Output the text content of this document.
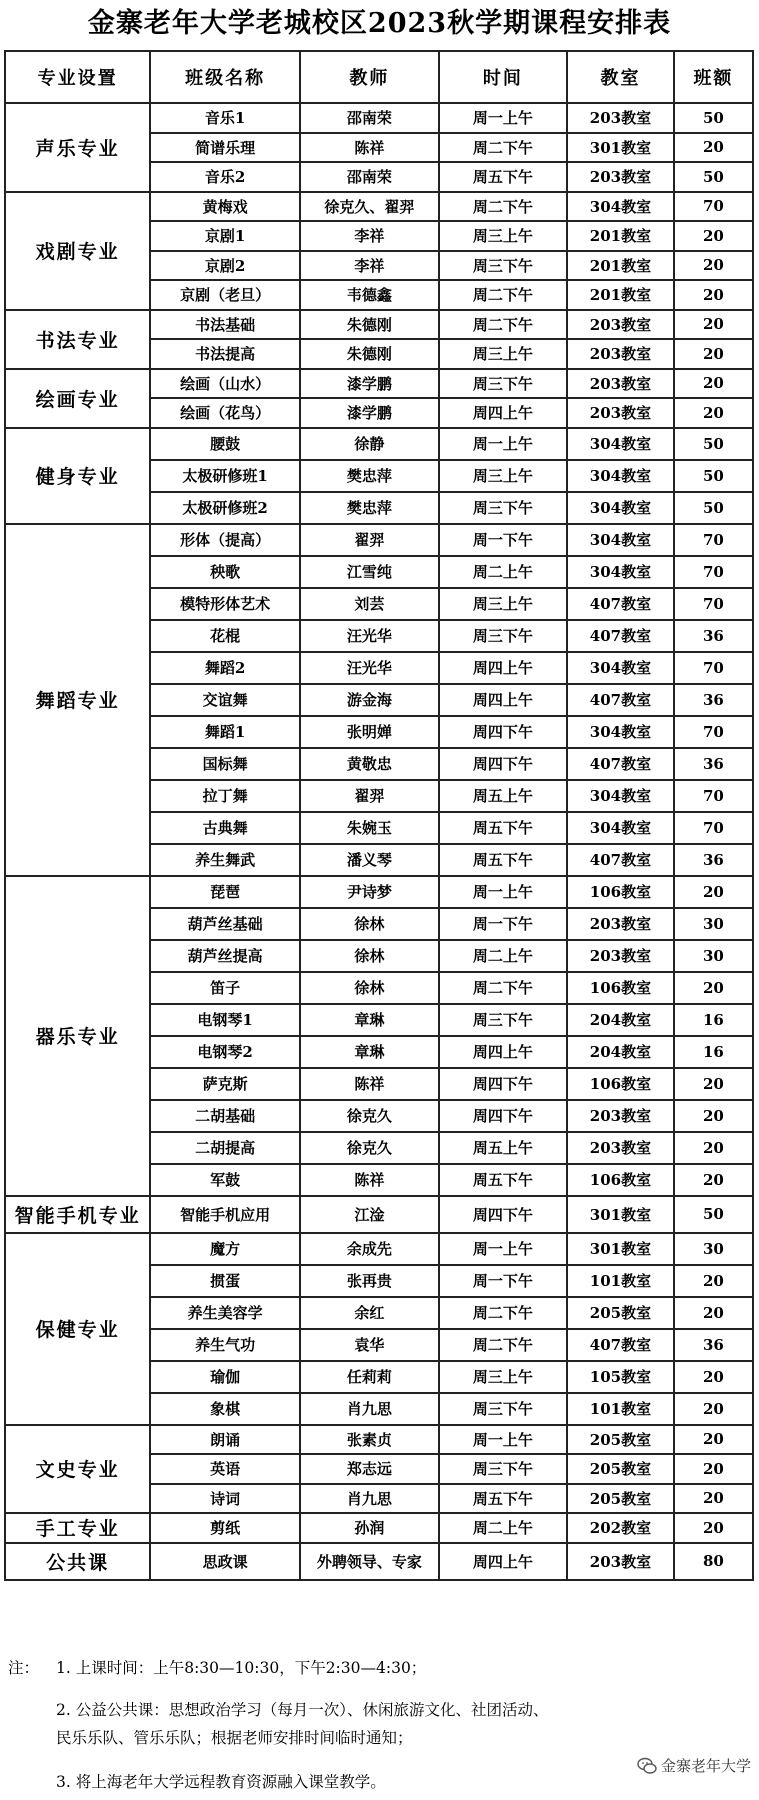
金寨老年大学老城校区2023秋学期课程安排表
专业设置	班级名称	教师	时间	教室	班额
声乐专业	音乐1	邵南荣	周一上午	203教室	50
	简谱乐理	陈祥	周二下午	301教室	20
	音乐2	邵南荣	周五下午	203教室	50
戏剧专业	黄梅戏	徐克久、翟羿	周二下午	304教室	70
	京剧1	李祥	周三上午	201教室	20
	京剧2	李祥	周三下午	201教室	20
	京剧（老旦）	韦德鑫	周二下午	201教室	20
书法专业	书法基础	朱德刚	周二下午	203教室	20
	书法提高	朱德刚	周三上午	203教室	20
绘画专业	绘画（山水）	漆学鹏	周三下午	203教室	20
	绘画（花鸟）	漆学鹏	周四上午	203教室	20
健身专业	腰鼓	徐静	周一上午	304教室	50
	太极研修班1	樊忠萍	周三上午	304教室	50
	太极研修班2	樊忠萍	周三下午	304教室	50
舞蹈专业	形体（提高）	翟羿	周一下午	304教室	70
	秧歌	江雪纯	周二上午	304教室	70
	模特形体艺术	刘芸	周三上午	407教室	70
	花棍	汪光华	周三下午	407教室	36
	舞蹈2	汪光华	周四上午	304教室	70
	交谊舞	游金海	周四上午	407教室	36
	舞蹈1	张明婵	周四下午	304教室	70
	国标舞	黄敬忠	周四下午	407教室	36
	拉丁舞	翟羿	周五上午	304教室	70
	古典舞	朱婉玉	周五下午	304教室	70
	养生舞武	潘义琴	周五下午	407教室	36
器乐专业	琵琶	尹诗梦	周一上午	106教室	20
	葫芦丝基础	徐林	周一下午	203教室	30
	葫芦丝提高	徐林	周二上午	203教室	30
	笛子	徐林	周二下午	106教室	20
	电钢琴1	章琳	周三下午	204教室	16
	电钢琴2	章琳	周四上午	204教室	16
	萨克斯	陈祥	周四下午	106教室	20
	二胡基础	徐克久	周四下午	203教室	20
	二胡提高	徐克久	周五上午	203教室	20
	军鼓	陈祥	周五下午	106教室	20
智能手机专业	智能手机应用	江淦	周四下午	301教室	50
保健专业	魔方	余成先	周一上午	301教室	30
	掼蛋	张再贵	周一下午	101教室	20
	养生美容学	余红	周二下午	205教室	20
	养生气功	袁华	周二下午	407教室	36
	瑜伽	任莉莉	周三上午	105教室	20
	象棋	肖九思	周三下午	101教室	20
文史专业	朗诵	张素贞	周一上午	205教室	20
	英语	郑志远	周三下午	205教室	20
	诗词	肖九思	周五下午	205教室	20
手工专业	剪纸	孙润	周二上午	202教室	20
公共课	思政课	外聘领导、专家	周四上午	203教室	80
注： 1. 上课时间：上午8:30—10:30，下午2:30—4:30；
2. 公益公共课：思想政治学习（每月一次）、休闲旅游文化、社团活动、
民乐乐队、管乐乐队；根据老师安排时间临时通知；
3. 将上海老年大学远程教育资源融入课堂教学。
金寨老年大学
